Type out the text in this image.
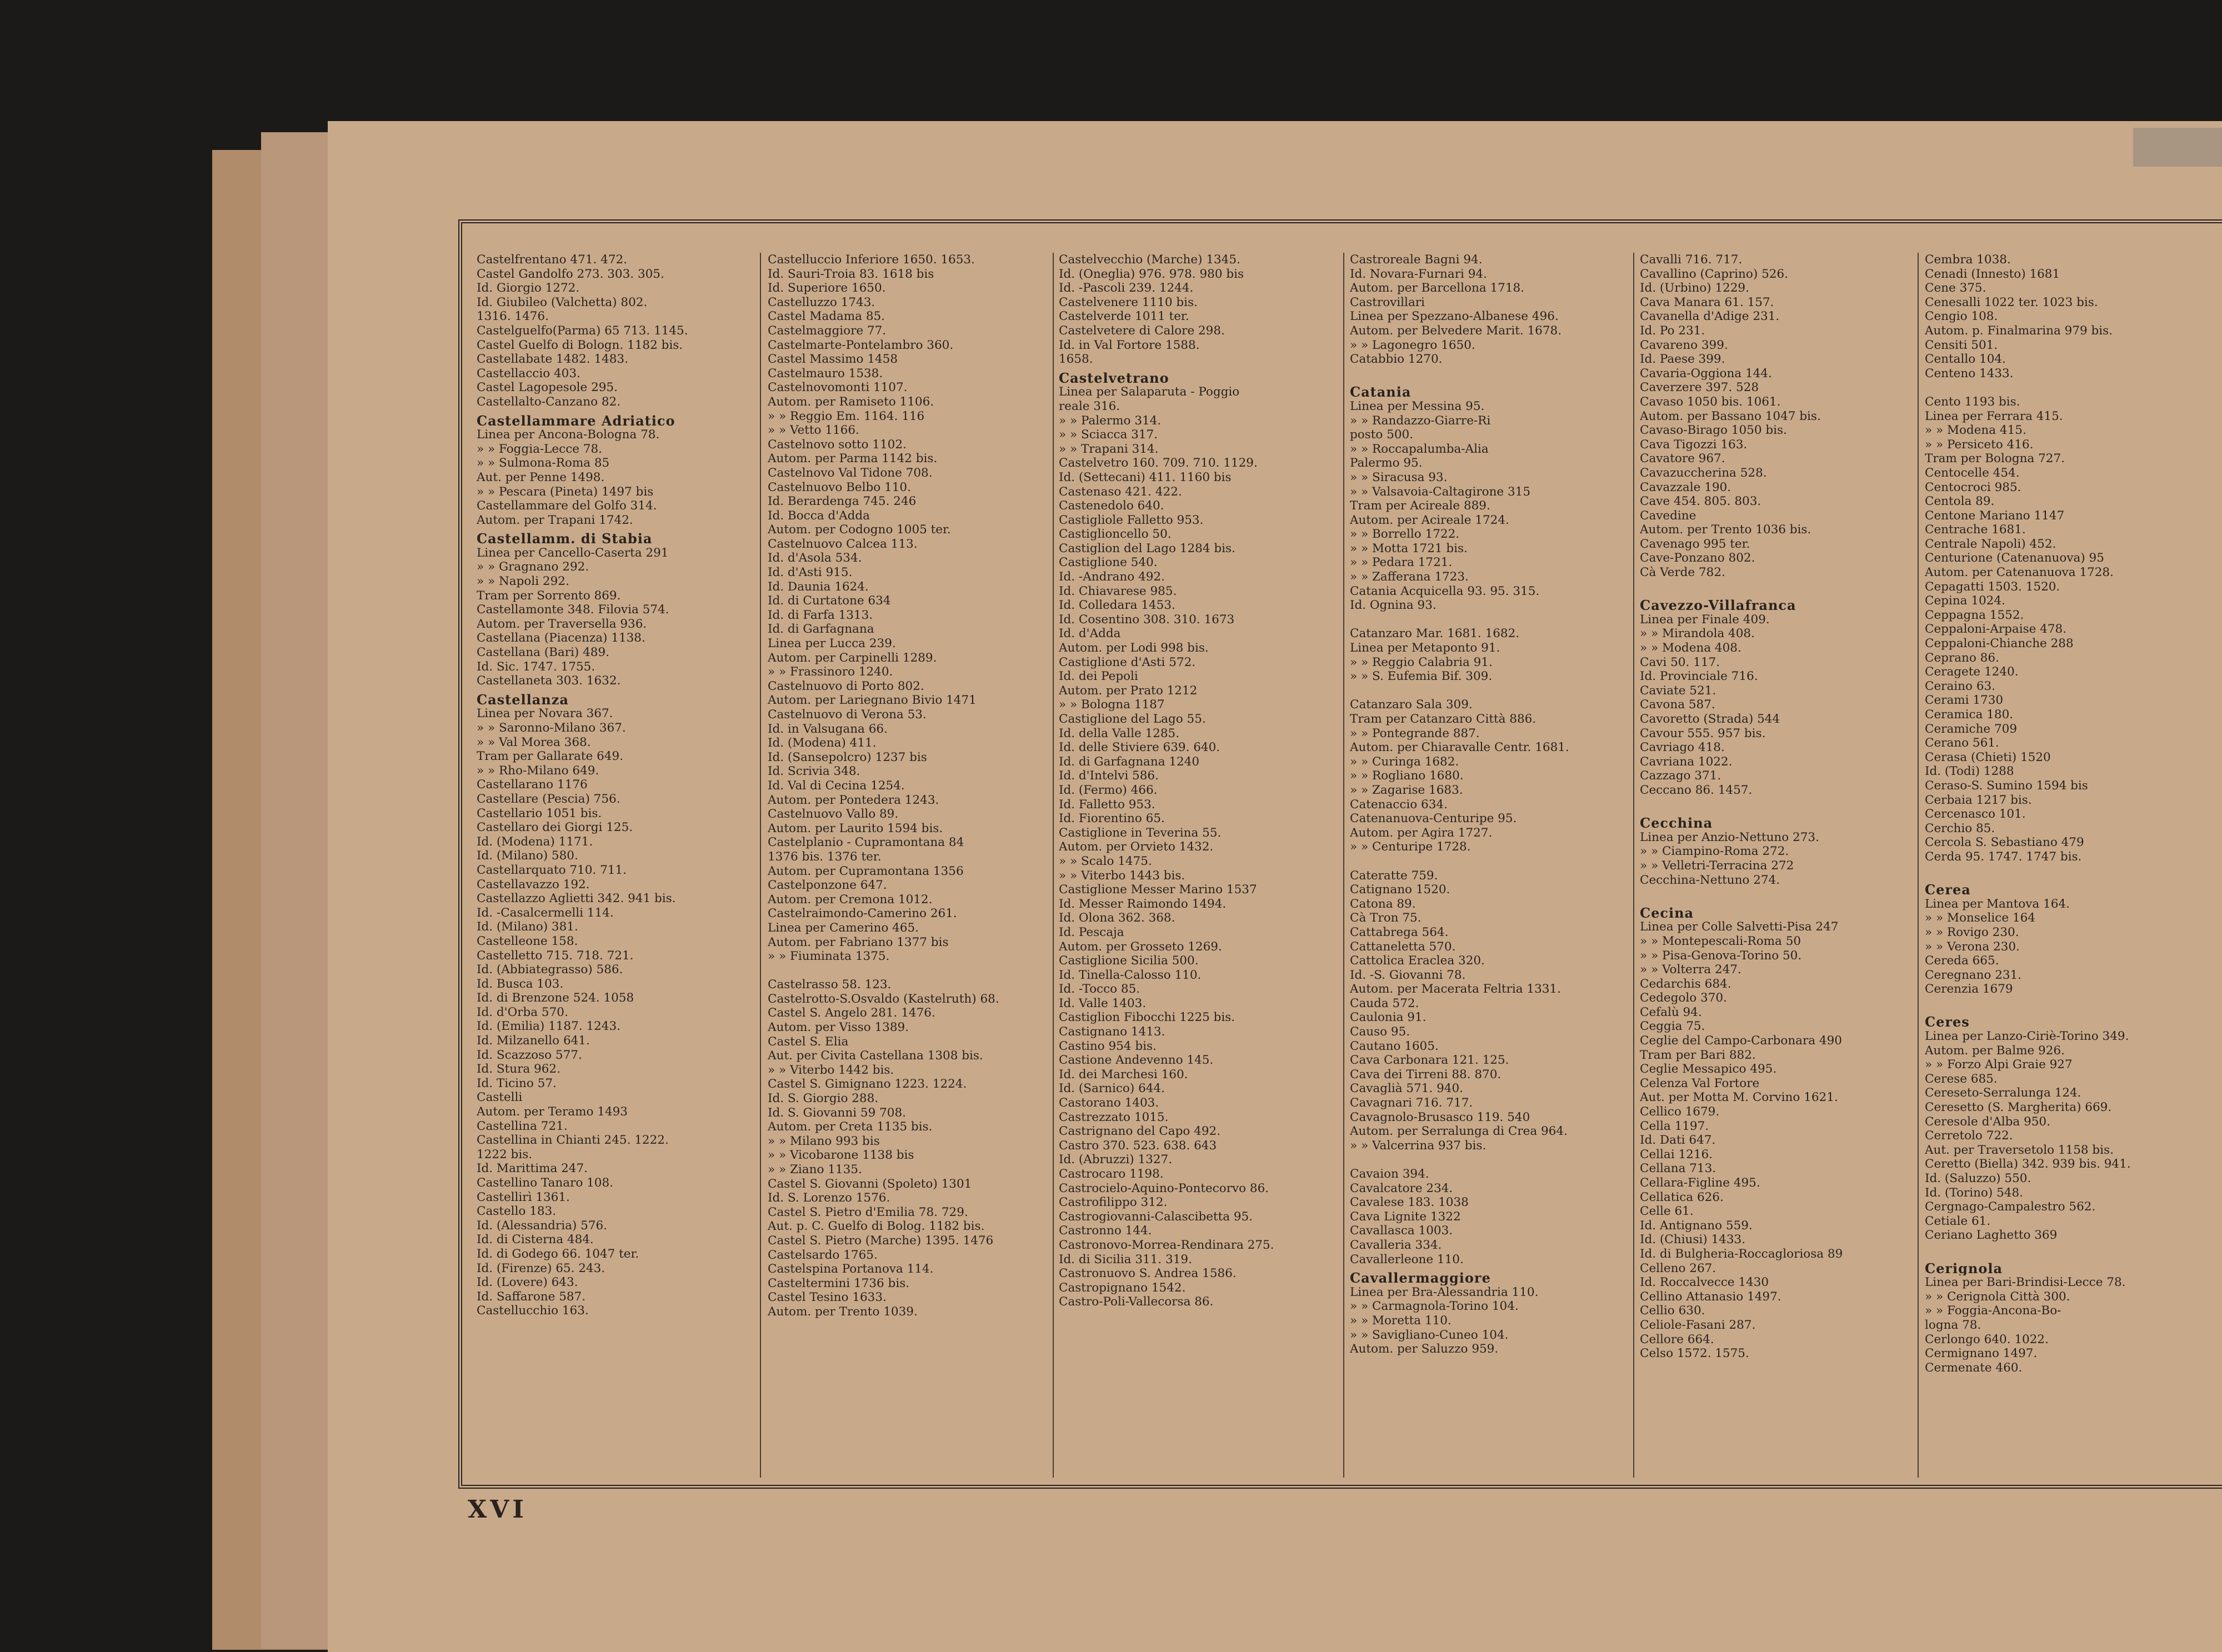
Castelfrentano 471. 472.
Castel Gandolfo 273. 303. 305.
Id. Giorgio 1272.
Id. Giubileo (Valchetta) 802.
1316. 1476.
Castelguelfo(Parma) 65 713. 1145.
Castel Guelfo di Bologn. 1182 bis.
Castellabate 1482. 1483.
Castellaccio 403.
Castel Lagopesole 295.
Castellalto-Canzano 82.
Castellammare Adriatico
Linea per Ancona-Bologna 78.
» » Foggia-Lecce 78.
» » Sulmona-Roma 85
Aut. per Penne 1498.
» » Pescara (Pineta) 1497 bis
Castellammare del Golfo 314.
Autom. per Trapani 1742.
Castellamm. di Stabia
Linea per Cancello-Caserta 291
» » Gragnano 292.
» » Napoli 292.
Tram per Sorrento 869.
Castellamonte 348. Filovia 574.
Autom. per Traversella 936.
Castellana (Piacenza) 1138.
Castellana (Bari) 489.
Id. Sic. 1747. 1755.
Castellaneta 303. 1632.
Castellanza
Linea per Novara 367.
» » Saronno-Milano 367.
» » Val Morea 368.
Tram per Gallarate 649.
» » Rho-Milano 649.
Castellarano 1176
Castellare (Pescia) 756.
Castellario 1051 bis.
Castellaro dei Giorgi 125.
Id. (Modena) 1171.
Id. (Milano) 580.
Castellarquato 710. 711.
Castellavazzo 192.
Castellazzo Aglietti 342. 941 bis.
Id. -Casalcermelli 114.
Id. (Milano) 381.
Castelleone 158.
Castelletto 715. 718. 721.
Id. (Abbiategrasso) 586.
Id. Busca 103.
Id. di Brenzone 524. 1058
Id. d'Orba 570.
Id. (Emilia) 1187. 1243.
Id. Milzanello 641.
Id. Scazzoso 577.
Id. Stura 962.
Id. Ticino 57.
Castelli
Autom. per Teramo 1493
Castellina 721.
Castellina in Chianti 245. 1222.
1222 bis.
Id. Marittima 247.
Castellino Tanaro 108.
Castellirì 1361.
Castello 183.
Id. (Alessandria) 576.
Id. di Cisterna 484.
Id. di Godego 66. 1047 ter.
Id. (Firenze) 65. 243.
Id. (Lovere) 643.
Id. Saffarone 587.
Castellucchio 163.
Castelluccio Inferiore 1650. 1653.
Id. Sauri-Troia 83. 1618 bis
Id. Superiore 1650.
Castelluzzo 1743.
Castel Madama 85.
Castelmaggiore 77.
Castelmarte-Pontelambro 360.
Castel Massimo 1458
Castelmauro 1538.
Castelnovomonti 1107.
Autom. per Ramiseto 1106.
» » Reggio Em. 1164. 116
» » Vetto 1166.
Castelnovo sotto 1102.
Autom. per Parma 1142 bis.
Castelnovo Val Tidone 708.
Castelnuovo Belbo 110.
Id. Berardenga 745. 246
Id. Bocca d'Adda
Autom. per Codogno 1005 ter.
Castelnuovo Calcea 113.
Id. d'Asola 534.
Id. d'Asti 915.
Id. Daunia 1624.
Id. di Curtatone 634
Id. di Farfa 1313.
Id. di Garfagnana
Linea per Lucca 239.
Autom. per Carpinelli 1289.
» » Frassinoro 1240.
Castelnuovo di Porto 802.
Autom. per Lariegnano Bivio 1471
Castelnuovo di Verona 53.
Id. in Valsugana 66.
Id. (Modena) 411.
Id. (Sansepolcro) 1237 bis
Id. Scrivia 348.
Id. Val di Cecina 1254.
Autom. per Pontedera 1243.
Castelnuovo Vallo 89.
Autom. per Laurito 1594 bis.
Castelplanio - Cupramontana 84
1376 bis. 1376 ter.
Autom. per Cupramontana 1356
Castelponzone 647.
Autom. per Cremona 1012.
Castelraimondo-Camerino 261.
Linea per Camerino 465.
Autom. per Fabriano 1377 bis
» » Fiuminata 1375.
Castelrasso 58. 123.
Castelrotto-S.Osvaldo (Kastelruth) 68.
Castel S. Angelo 281. 1476.
Autom. per Visso 1389.
Castel S. Elia
Aut. per Civita Castellana 1308 bis.
» » Viterbo 1442 bis.
Castel S. Gimignano 1223. 1224.
Id. S. Giorgio 288.
Id. S. Giovanni 59 708.
Autom. per Creta 1135 bis.
» » Milano 993 bis
» » Vicobarone 1138 bis
» » Ziano 1135.
Castel S. Giovanni (Spoleto) 1301
Id. S. Lorenzo 1576.
Castel S. Pietro d'Emilia 78. 729.
Aut. p. C. Guelfo di Bolog. 1182 bis.
Castel S. Pietro (Marche) 1395. 1476
Castelsardo 1765.
Castelspina Portanova 114.
Casteltermini 1736 bis.
Castel Tesino 1633.
Autom. per Trento 1039.
Castelvecchio (Marche) 1345.
Id. (Oneglia) 976. 978. 980 bis
Id. -Pascoli 239. 1244.
Castelvenere 1110 bis.
Castelverde 1011 ter.
Castelvetere di Calore 298.
Id. in Val Fortore 1588.
1658.
Castelvetrano
Linea per Salaparuta - Poggio
reale 316.
» » Palermo 314.
» » Sciacca 317.
» » Trapani 314.
Castelvetro 160. 709. 710. 1129.
Id. (Settecani) 411. 1160 bis
Castenaso 421. 422.
Castenedolo 640.
Castigliole Falletto 953.
Castiglioncello 50.
Castiglion del Lago 1284 bis.
Castiglione 540.
Id. -Andrano 492.
Id. Chiavarese 985.
Id. Colledara 1453.
Id. Cosentino 308. 310. 1673
Id. d'Adda
Autom. per Lodi 998 bis.
Castiglione d'Asti 572.
Id. dei Pepoli
Autom. per Prato 1212
» » Bologna 1187
Castiglione del Lago 55.
Id. della Valle 1285.
Id. delle Stiviere 639. 640.
Id. di Garfagnana 1240
Id. d'Intelvi 586.
Id. (Fermo) 466.
Id. Falletto 953.
Id. Fiorentino 65.
Castiglione in Teverina 55.
Autom. per Orvieto 1432.
» » Scalo 1475.
» » Viterbo 1443 bis.
Castiglione Messer Marino 1537
Id. Messer Raimondo 1494.
Id. Olona 362. 368.
Id. Pescaja
Autom. per Grosseto 1269.
Castiglione Sicilia 500.
Id. Tinella-Calosso 110.
Id. -Tocco 85.
Id. Valle 1403.
Castiglion Fibocchi 1225 bis.
Castignano 1413.
Castino 954 bis.
Castione Andevenno 145.
Id. dei Marchesi 160.
Id. (Sarnico) 644.
Castorano 1403.
Castrezzato 1015.
Castrignano del Capo 492.
Castro 370. 523. 638. 643
Id. (Abruzzi) 1327.
Castrocaro 1198.
Castrocielo-Aquino-Pontecorvo 86.
Castrofilippo 312.
Castrogiovanni-Calascibetta 95.
Castronno 144.
Castronovo-Morrea-Rendinara 275.
Id. di Sicilia 311. 319.
Castronuovo S. Andrea 1586.
Castropignano 1542.
Castro-Poli-Vallecorsa 86.
Castroreale Bagni 94.
Id. Novara-Furnari 94.
Autom. per Barcellona 1718.
Castrovillari
Linea per Spezzano-Albanese 496.
Autom. per Belvedere Marit. 1678.
» » Lagonegro 1650.
Catabbio 1270.
Catania
Linea per Messina 95.
» » Randazzo-Giarre-Ri
posto 500.
» » Roccapalumba-Alia
Palermo 95.
» » Siracusa 93.
» » Valsavoia-Caltagirone 315
Tram per Acireale 889.
Autom. per Acireale 1724.
» » Borrello 1722.
» » Motta 1721 bis.
» » Pedara 1721.
» » Zafferana 1723.
Catania Acquicella 93. 95. 315.
Id. Ognina 93.
Catanzaro Mar. 1681. 1682.
Linea per Metaponto 91.
» » Reggio Calabria 91.
» » S. Eufemia Bif. 309.
Catanzaro Sala 309.
Tram per Catanzaro Città 886.
» » Pontegrande 887.
Autom. per Chiaravalle Centr. 1681.
» » Curinga 1682.
» » Rogliano 1680.
» » Zagarise 1683.
Catenaccio 634.
Catenanuova-Centuripe 95.
Autom. per Agira 1727.
» » Centuripe 1728.
Cateratte 759.
Catignano 1520.
Catona 89.
Cà Tron 75.
Cattabrega 564.
Cattaneletta 570.
Cattolica Eraclea 320.
Id. -S. Giovanni 78.
Autom. per Macerata Feltria 1331.
Cauda 572.
Caulonia 91.
Causo 95.
Cautano 1605.
Cava Carbonara 121. 125.
Cava dei Tirreni 88. 870.
Cavaglià 571. 940.
Cavagnari 716. 717.
Cavagnolo-Brusasco 119. 540
Autom. per Serralunga di Crea 964.
» » Valcerrina 937 bis.
Cavaion 394.
Cavalcatore 234.
Cavalese 183. 1038
Cava Lignite 1322
Cavallasca 1003.
Cavalleria 334.
Cavallerleone 110.
Cavallermaggiore
Linea per Bra-Alessandria 110.
» » Carmagnola-Torino 104.
» » Moretta 110.
» » Savigliano-Cuneo 104.
Autom. per Saluzzo 959.
Cavalli 716. 717.
Cavallino (Caprino) 526.
Id. (Urbino) 1229.
Cava Manara 61. 157.
Cavanella d'Adige 231.
Id. Po 231.
Cavareno 399.
Id. Paese 399.
Cavaria-Oggiona 144.
Caverzere 397. 528
Cavaso 1050 bis. 1061.
Autom. per Bassano 1047 bis.
Cavaso-Birago 1050 bis.
Cava Tigozzi 163.
Cavatore 967.
Cavazuccherina 528.
Cavazzale 190.
Cave 454. 805. 803.
Cavedine
Autom. per Trento 1036 bis.
Cavenago 995 ter.
Cave-Ponzano 802.
Cà Verde 782.
Cavezzo-Villafranca
Linea per Finale 409.
» » Mirandola 408.
» » Modena 408.
Cavi 50. 117.
Id. Provinciale 716.
Caviate 521.
Cavona 587.
Cavoretto (Strada) 544
Cavour 555. 957 bis.
Cavriago 418.
Cavriana 1022.
Cazzago 371.
Ceccano 86. 1457.
Cecchina
Linea per Anzio-Nettuno 273.
» » Ciampino-Roma 272.
» » Velletri-Terracina 272
Cecchina-Nettuno 274.
Cecina
Linea per Colle Salvetti-Pisa 247
» » Montepescali-Roma 50
» » Pisa-Genova-Torino 50.
» » Volterra 247.
Cedarchis 684.
Cedegolo 370.
Cefalù 94.
Ceggia 75.
Ceglie del Campo-Carbonara 490
Tram per Bari 882.
Ceglie Messapico 495.
Celenza Val Fortore
Aut. per Motta M. Corvino 1621.
Cellico 1679.
Cella 1197.
Id. Dati 647.
Cellai 1216.
Cellana 713.
Cellara-Figline 495.
Cellatica 626.
Celle 61.
Id. Antignano 559.
Id. (Chiusi) 1433.
Id. di Bulgheria-Roccagloriosa 89
Celleno 267.
Id. Roccalvecce 1430
Cellino Attanasio 1497.
Cellio 630.
Celiole-Fasani 287.
Cellore 664.
Celso 1572. 1575.
Cembra 1038.
Cenadi (Innesto) 1681
Cene 375.
Cenesalli 1022 ter. 1023 bis.
Cengio 108.
Autom. p. Finalmarina 979 bis.
Censiti 501.
Centallo 104.
Centeno 1433.
Cento 1193 bis.
Linea per Ferrara 415.
» » Modena 415.
» » Persiceto 416.
Tram per Bologna 727.
Centocelle 454.
Centocroci 985.
Centola 89.
Centone Mariano 1147
Centrache 1681.
Centrale Napoli) 452.
Centurione (Catenanuova) 95
Autom. per Catenanuova 1728.
Cepagatti 1503. 1520.
Cepina 1024.
Ceppagna 1552.
Ceppaloni-Arpaise 478.
Ceppaloni-Chianche 288
Ceprano 86.
Ceragete 1240.
Ceraino 63.
Cerami 1730
Ceramica 180.
Ceramiche 709
Cerano 561.
Cerasa (Chieti) 1520
Id. (Todi) 1288
Ceraso-S. Sumino 1594 bis
Cerbaia 1217 bis.
Cercenasco 101.
Cerchio 85.
Cercola S. Sebastiano 479
Cerda 95. 1747. 1747 bis.
Cerea
Linea per Mantova 164.
» » Monselice 164
» » Rovigo 230.
» » Verona 230.
Cereda 665.
Ceregnano 231.
Cerenzia 1679
Ceres
Linea per Lanzo-Ciriè-Torino 349.
Autom. per Balme 926.
» » Forzo Alpi Graie 927
Cerese 685.
Cereseto-Serralunga 124.
Ceresetto (S. Margherita) 669.
Ceresole d'Alba 950.
Cerretolo 722.
Aut. per Traversetolo 1158 bis.
Ceretto (Biella) 342. 939 bis. 941.
Id. (Saluzzo) 550.
Id. (Torino) 548.
Cergnago-Campalestro 562.
Cetiale 61.
Ceriano Laghetto 369
Cerignola
Linea per Bari-Brindisi-Lecce 78.
» » Cerignola Città 300.
» » Foggia-Ancona-Bo-
logna 78.
Cerlongo 640. 1022.
Cermignano 1497.
Cermenate 460.
XVI
